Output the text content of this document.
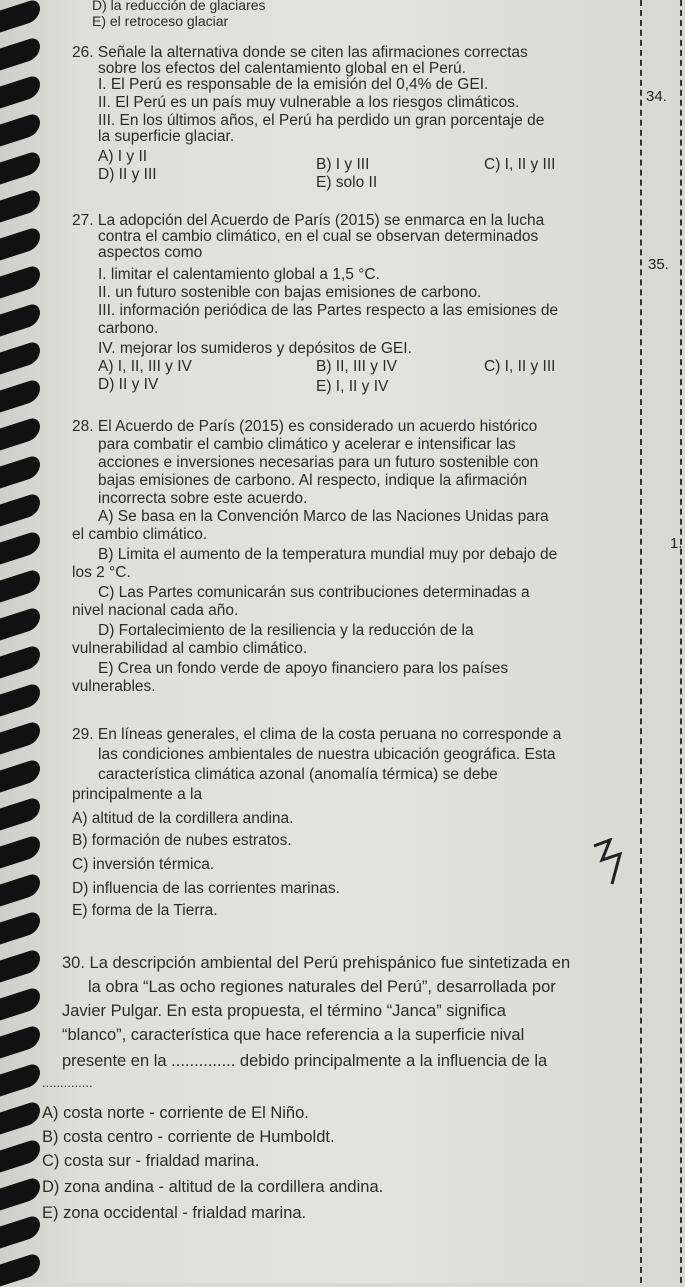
34.
35.
1.
D) la reducción de glaciares
E) el retroceso glaciar
26. Señale la alternativa donde se citen las afirmaciones correctas
sobre los efectos del calentamiento global en el Perú.
I. El Perú es responsable de la emisión del 0,4% de GEI.
II. El Perú es un país muy vulnerable a los riesgos climáticos.
III. En los últimos años, el Perú ha perdido un gran porcentaje de
la superficie glaciar.
A) I y II	B) I y III	C) I, II y III
D) II y III	E) solo II
27. La adopción del Acuerdo de París (2015) se enmarca en la lucha
contra el cambio climático, en el cual se observan determinados
aspectos como
I. limitar el calentamiento global a 1,5 °C.
II. un futuro sostenible con bajas emisiones de carbono.
III. información periódica de las Partes respecto a las emisiones de
carbono.
IV. mejorar los sumideros y depósitos de GEI.
A) I, II, III y IV	B) II, III y IV	C) I, II y III
D) II y IV	E) I, II y IV
28. El Acuerdo de París (2015) es considerado un acuerdo histórico
para combatir el cambio climático y acelerar e intensificar las
acciones e inversiones necesarias para un futuro sostenible con
bajas emisiones de carbono. Al respecto, indique la afirmación
incorrecta sobre este acuerdo.
A) Se basa en la Convención Marco de las Naciones Unidas para
el cambio climático.
B) Limita el aumento de la temperatura mundial muy por debajo de
los 2 °C.
C) Las Partes comunicarán sus contribuciones determinadas a
nivel nacional cada año.
D) Fortalecimiento de la resiliencia y la reducción de la
vulnerabilidad al cambio climático.
E) Crea un fondo verde de apoyo financiero para los países
vulnerables.
29. En líneas generales, el clima de la costa peruana no corresponde a
las condiciones ambientales de nuestra ubicación geográfica. Esta
característica climática azonal (anomalía térmica) se debe
principalmente a la
A) altitud de la cordillera andina.
B) formación de nubes estratos.
C) inversión térmica.
D) influencia de las corrientes marinas.
E) forma de la Tierra.
30. La descripción ambiental del Perú prehispánico fue sintetizada en
la obra “Las ocho regiones naturales del Perú”, desarrollada por
Javier Pulgar. En esta propuesta, el término “Janca” significa
“blanco”, característica que hace referencia a la superficie nival
presente en la .............. debido principalmente a la influencia de la
..............
A) costa norte - corriente de El Niño.
B) costa centro - corriente de Humboldt.
C) costa sur - frialdad marina.
D) zona andina - altitud de la cordillera andina.
E) zona occidental - frialdad marina.
